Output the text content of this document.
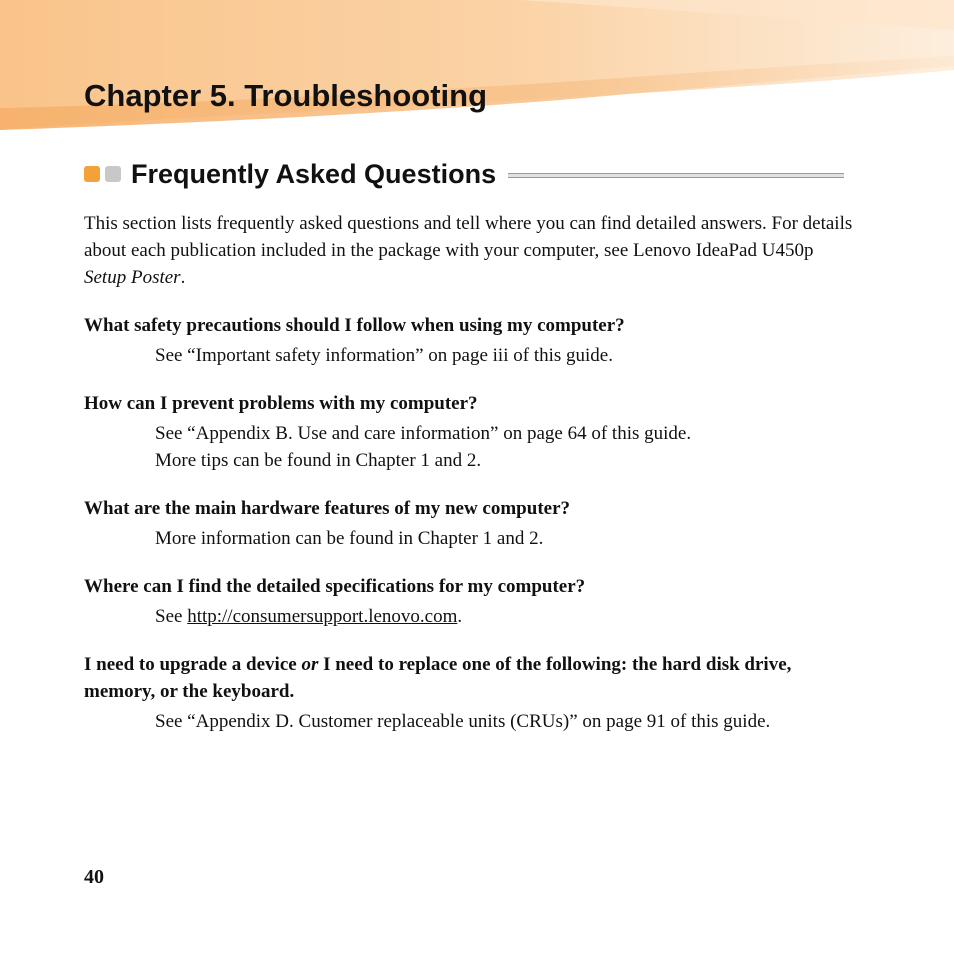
Chapter 5. Troubleshooting
Frequently Asked Questions

This section lists frequently asked questions and tell where you can find detailed answers. For details about each publication included in the package with your computer, see Lenovo IdeaPad U450p Setup Poster.

What safety precautions should I follow when using my computer?

See “Important safety information” on page iii of this guide.

How can I prevent problems with my computer?

See “Appendix B. Use and care information” on page 64 of this guide.
More tips can be found in Chapter 1 and 2.

What are the main hardware features of my new computer?

More information can be found in Chapter 1 and 2.

Where can I find the detailed specifications for my computer?

See http://consumersupport.lenovo.com.

I need to upgrade a device or I need to replace one of the following: the hard disk drive, memory, or the keyboard.

See “Appendix D. Customer replaceable units (CRUs)” on page 91 of this guide.

40
